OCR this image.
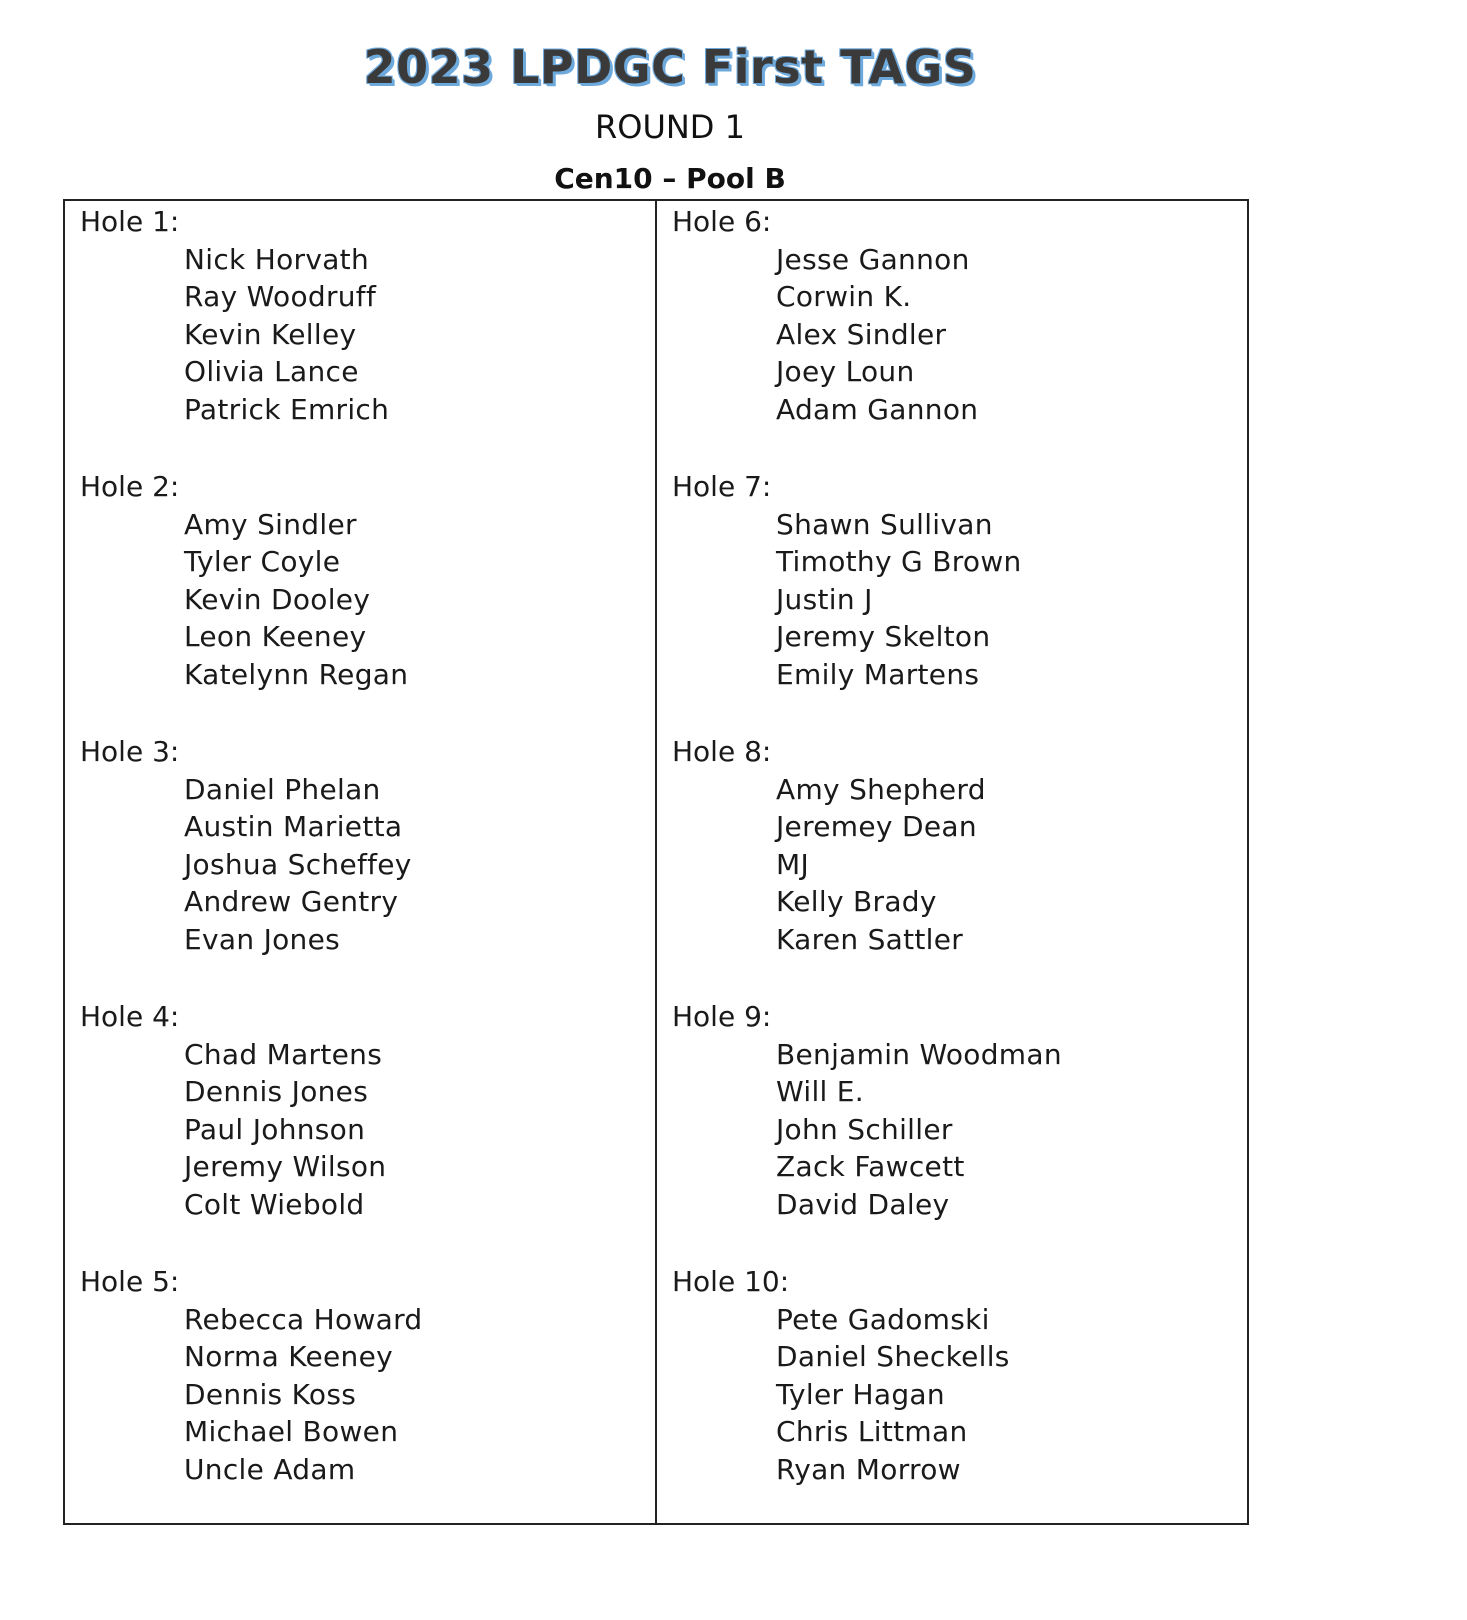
2023 LPDGC First TAGS
ROUND 1
Cen10 – Pool B
Hole 1:
Nick Horvath
Ray Woodruff
Kevin Kelley
Olivia Lance
Patrick Emrich
Hole 2:
Amy Sindler
Tyler Coyle
Kevin Dooley
Leon Keeney
Katelynn Regan
Hole 3:
Daniel Phelan
Austin Marietta
Joshua Scheffey
Andrew Gentry
Evan Jones
Hole 4:
Chad Martens
Dennis Jones
Paul Johnson
Jeremy Wilson
Colt Wiebold
Hole 5:
Rebecca Howard
Norma Keeney
Dennis Koss
Michael Bowen
Uncle Adam
Hole 6:
Jesse Gannon
Corwin K.
Alex Sindler
Joey Loun
Adam Gannon
Hole 7:
Shawn Sullivan
Timothy G Brown
Justin J
Jeremy Skelton
Emily Martens
Hole 8:
Amy Shepherd
Jeremey Dean
MJ
Kelly Brady
Karen Sattler
Hole 9:
Benjamin Woodman
Will E.
John Schiller
Zack Fawcett
David Daley
Hole 10:
Pete Gadomski
Daniel Sheckells
Tyler Hagan
Chris Littman
Ryan Morrow
